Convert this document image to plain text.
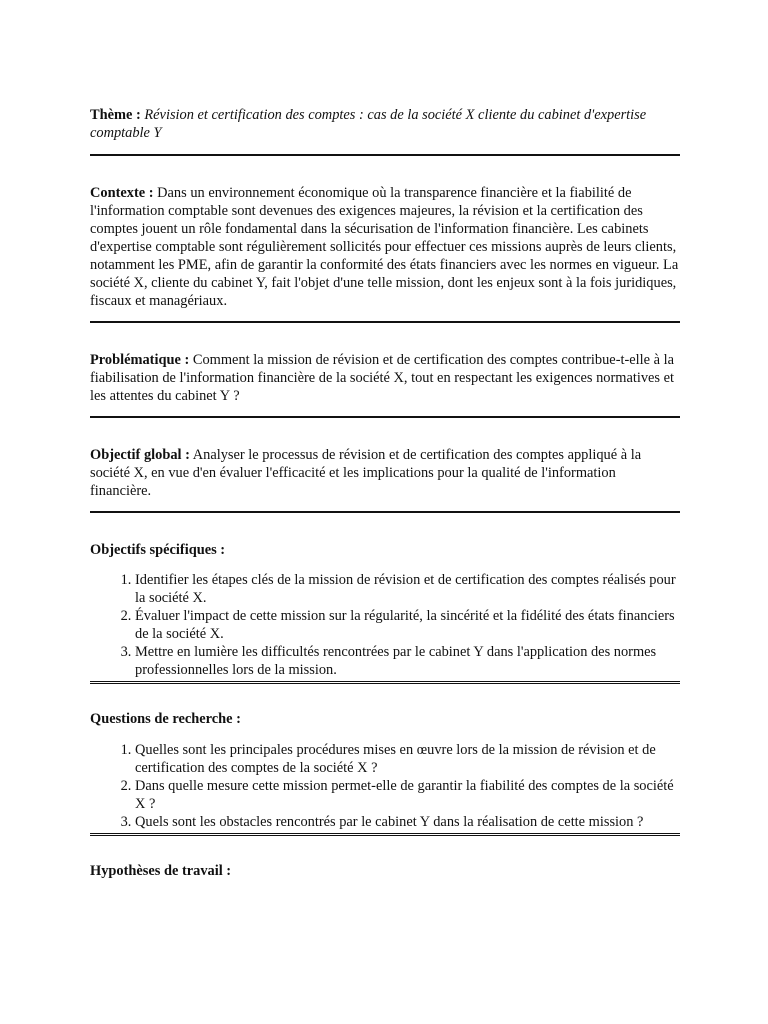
Thème : Révision et certification des comptes : cas de la société X cliente du cabinet d'expertise comptable Y

Contexte : Dans un environnement économique où la transparence financière et la fiabilité de l'information comptable sont devenues des exigences majeures, la révision et la certification des comptes jouent un rôle fondamental dans la sécurisation de l'information financière. Les cabinets d'expertise comptable sont régulièrement sollicités pour effectuer ces missions auprès de leurs clients, notamment les PME, afin de garantir la conformité des états financiers avec les normes en vigueur. La société X, cliente du cabinet Y, fait l'objet d'une telle mission, dont les enjeux sont à la fois juridiques, fiscaux et managériaux.

Problématique : Comment la mission de révision et de certification des comptes contribue-t-elle à la fiabilisation de l'information financière de la société X, tout en respectant les exigences normatives et les attentes du cabinet Y ?

Objectif global : Analyser le processus de révision et de certification des comptes appliqué à la société X, en vue d'en évaluer l'efficacité et les implications pour la qualité de l'information financière.

Objectifs spécifiques :

1. Identifier les étapes clés de la mission de révision et de certification des comptes réalisés pour la société X.
2. Évaluer l'impact de cette mission sur la régularité, la sincérité et la fidélité des états financiers de la société X.
3. Mettre en lumière les difficultés rencontrées par le cabinet Y dans l'application des normes professionnelles lors de la mission.

Questions de recherche :

1. Quelles sont les principales procédures mises en œuvre lors de la mission de révision et de certification des comptes de la société X ?
2. Dans quelle mesure cette mission permet-elle de garantir la fiabilité des comptes de la société X ?
3. Quels sont les obstacles rencontrés par le cabinet Y dans la réalisation de cette mission ?

Hypothèses de travail :
